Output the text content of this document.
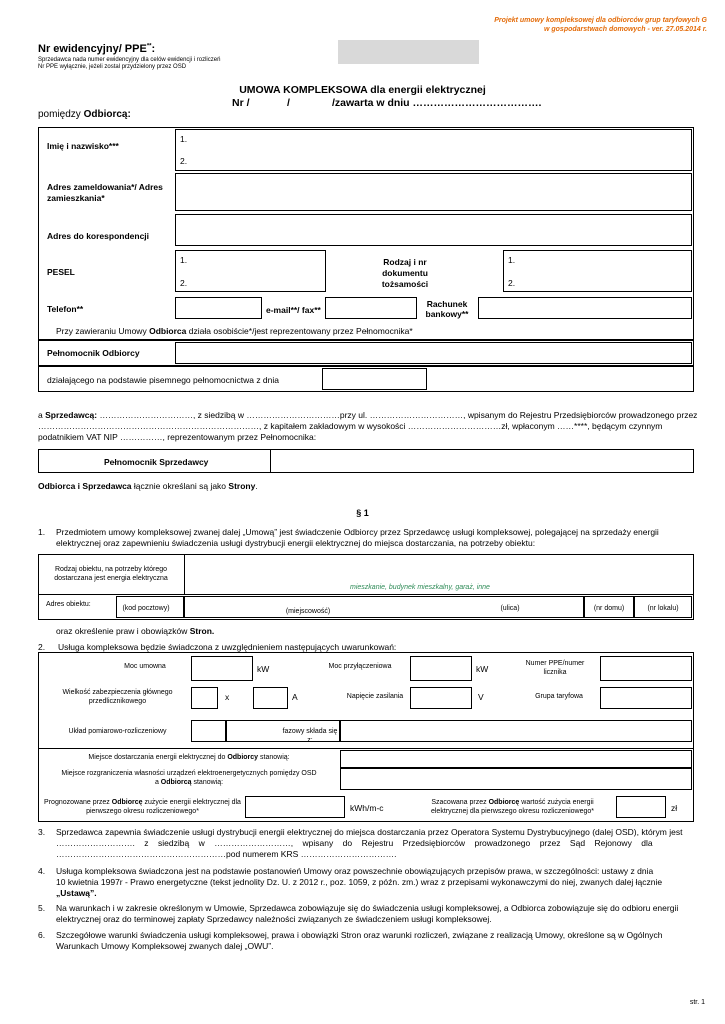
Projekt umowy kompleksowej dla odbiorców grup taryfowych G
w gospodarstwach domowych - ver. 27.05.2014 r.
Nr ewidencyjny/ PPE**:
Sprzedawca nada numer ewidencyjny dla celów ewidencji i rozliczeń
Nr PPE wyłącznie, jeżeli zostal przydzielony przez OSD
UMOWA KOMPLEKSOWA dla energii elektrycznej
Nr /	/	/zawarta w dniu ……………………………….
pomiędzy Odbiorcą:
Imię i nazwisko***
1.
2.
Adres zameldowania*/ Adres zamieszkania*
Adres do korespondencji
PESEL
1.
2.
Rodzaj i nr dokumentu tożsamości
1.
2.
Telefon**	e-mail**/ fax**
Rachunek bankowy**
Przy zawieraniu Umowy Odbiorca działa osobiście*/jest reprezentowany przez Pełnomocnika*
Pełnomocnik Odbiorcy
działającego na podstawie pisemnego pełnomocnictwa z dnia
a Sprzedawcą: ……………………………, z siedzibą w ……………………………przy ul. ……………………………, wpisanym do Rejestru Przedsiębiorców prowadzonego przez
……………………………………………………………………, z kapitałem zakładowym w wysokości ……………………………zł, wpłaconym ……****, będącym czynnym
podatnikiem VAT NIP ……………, reprezentowanym przez Pełnomocnika:
Pełnomocnik Sprzedawcy
Odbiorca i Sprzedawca łącznie określani są jako Strony.
§ 1
1. Przedmiotem umowy kompleksowej zwanej dalej „Umową” jest świadczenie Odbiorcy przez Sprzedawcę usługi kompleksowej, polegającej na sprzedaży energii
elektrycznej oraz zapewnieniu świadczenia usługi dystrybucji energii elektrycznej do miejsca dostarczania, na potrzeby obiektu:
Rodzaj obiektu, na potrzeby którego dostarczana jest energia elektryczna
mieszkanie, budynek mieszkalny, garaż, inne
Adres obiektu:
(kod pocztowy)	(miejscowość)	(ulica)	(nr domu)	(nr lokalu)
oraz określenie praw i obowiązków Stron.
2. Usługa kompleksowa będzie świadczona z uwzględnieniem następujących uwarunkowań:
Moc umowna	kW	Moc przyłączeniowa	kW
Numer PPE/numer licznika
Wielkość zabezpieczenia głównego przedlicznikowego	x	A	Napięcie zasilania	V	Grupa taryfowa
Układ pomiarowo-rozliczeniowy	fazowy składa się z:
Miejsce dostarczania energii elektrycznej do Odbiorcy stanowią:
Miejsce rozgraniczenia własności urządzeń elektroenergetycznych pomiędzy OSD
a Odbiorcą stanowią:
Prognozowane przez Odbiorcę zużycie energii elektrycznej dla pierwszego okresu rozliczeniowego*	kWh/m-c
Szacowana przez Odbiorcę wartość zużycia energii elektrycznej dla pierwszego okresu rozliczeniowego*	zł
3. Sprzedawca zapewnia świadczenie usługi dystrybucji energii elektrycznej do miejsca dostarczania przez Operatora Systemu Dystrybucyjnego (dalej OSD), którym jest
……………………….    z    siedzibą    w    ………………………,    wpisany    do    Rejestru    Przedsiębiorców    prowadzonego    przez    Sąd    Rejonowy    dla
……………………………………………………pod numerem KRS …………………………….
4. Usługa kompleksowa świadczona jest na podstawie postanowień Umowy oraz powszechnie obowiązujących przepisów prawa, w szczególności: ustawy z dnia
10 kwietnia 1997r - Prawo energetyczne (tekst jednolity Dz. U. z 2012 r., poz. 1059, z późn. zm.) wraz z przepisami wykonawczymi do niej, zwanych dalej łącznie
„Ustawą”.
5. Na warunkach i w zakresie określonym w Umowie, Sprzedawca zobowiązuje się do świadczenia usługi kompleksowej, a Odbiorca zobowiązuje się do odbioru energii
elektrycznej oraz do terminowej zapłaty Sprzedawcy należności związanych ze świadczeniem usługi kompleksowej.
6. Szczegółowe warunki świadczenia usługi kompleksowej, prawa i obowiązki Stron oraz warunki rozliczeń, związane z realizacją Umowy, określone są w Ogólnych
Warunkach Umowy Kompleksowej zwanych dalej „OWU”.
str. 1
